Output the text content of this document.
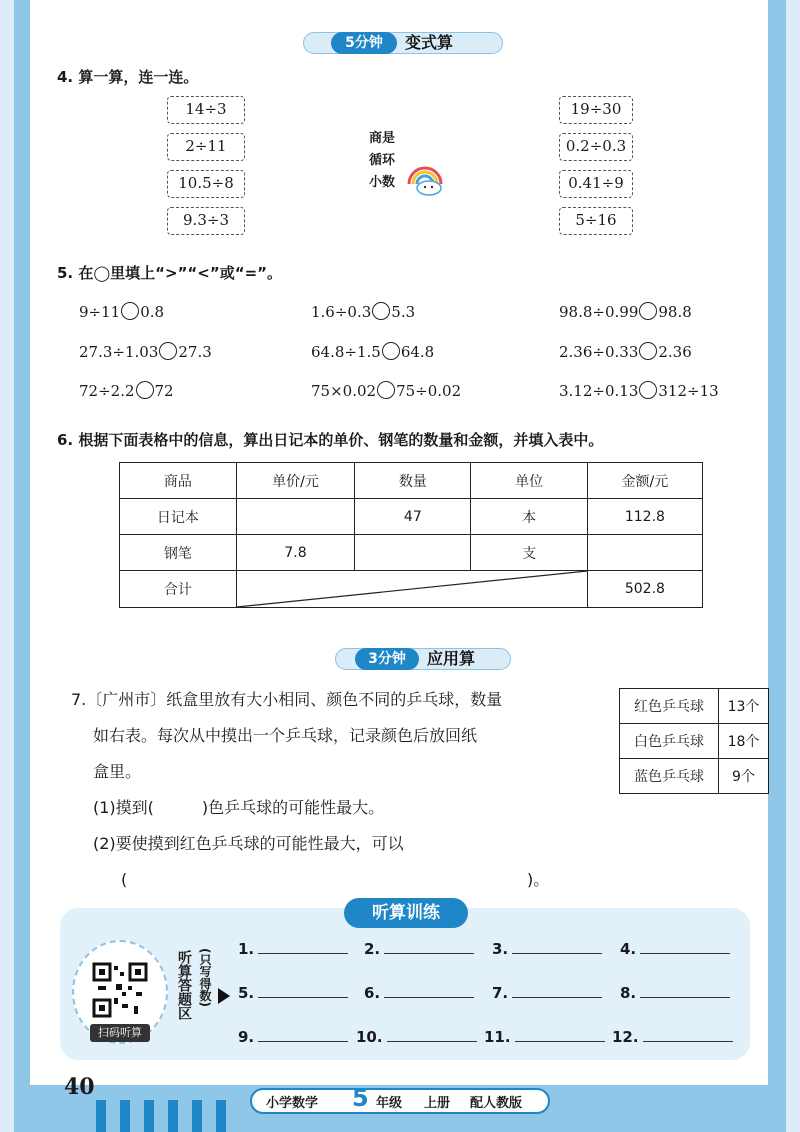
5分钟	变式算
4. 算一算，连一连。
14÷3
2÷11
10.5÷8
9.3÷3
商是
循环
小数
19÷30
0.2÷0.3
0.41÷9
5÷16
5. 在◯里填上“>”“<”或“=”。
9÷11 0.8	1.6÷0.3 5.3	98.8÷0.99 98.8
27.3÷1.03 27.3	64.8÷1.5 64.8	2.36÷0.33 2.36
72÷2.2 72	75×0.02 75÷0.02	3.12÷0.13 312÷13
6. 根据下面表格中的信息，算出日记本的单价、钢笔的数量和金额，并填入表中。
商品	单价/元	数量	单位	金额/元
日记本		47	本	112.8
钢笔	7.8		支	
合计				502.8
3分钟	应用算
7.〔广州市〕纸盒里放有大小相同、颜色不同的乒乓球，数量
如右表。每次从中摸出一个乒乓球，记录颜色后放回纸
盒里。
(1)摸到(　　　)色乒乓球的可能性最大。
(2)要使摸到红色乒乓球的可能性最大，可以
(	)。
红色乒乓球	13个
白色乒乓球	18个
蓝色乒乓球	9个
听算训练
扫码听算
听算答题区 (只写得数) 1.	2.	3.	4.
5.	6.	7.	8.
9.	10.	11.	12.
40
小学数学 5 年级 上册 配人教版
